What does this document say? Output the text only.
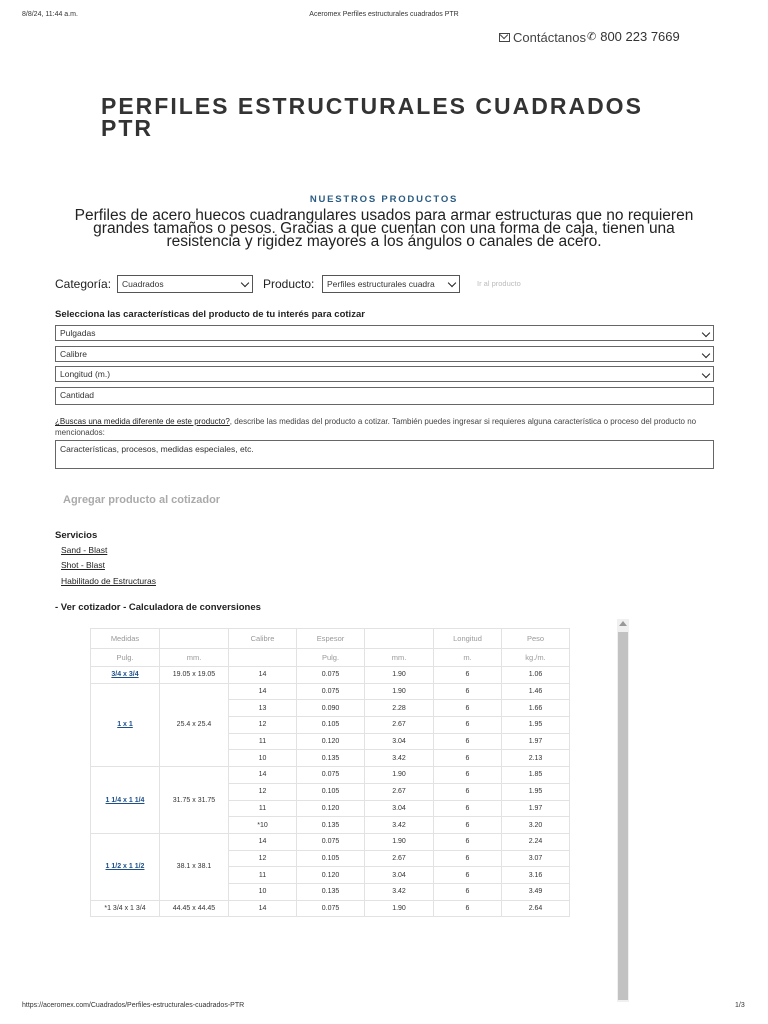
8/8/24, 11:44 a.m.	Aceromex Perfiles estructurales cuadrados PTR
Contáctanos ✆ 800 223 7669
PERFILES ESTRUCTURALES CUADRADOS PTR
NUESTROS PRODUCTOS
Perfiles de acero huecos cuadrangulares usados para armar estructuras que no requieren grandes tamaños o pesos. Gracias a que cuentan con una forma de caja, tienen una resistencia y rigidez mayores a los ángulos o canales de acero.
Categoría:	Cuadrados	Producto:	Perfiles estructurales cuadra	Ir al producto
Selecciona las características del producto de tu interés para cotizar
Pulgadas
Calibre
Longitud (m.)
Cantidad
¿Buscas una medida diferente de este producto?, describe las medidas del producto a cotizar. También puedes ingresar si requieres alguna característica o proceso del producto no mencionados:
Características, procesos, medidas especiales, etc.
Agregar producto al cotizador
Servicios
Sand - Blast
Shot - Blast
Habilitado de Estructuras
- Ver cotizador - Calculadora de conversiones
Medidas		Calibre	Espesor		Longitud	Peso
Pulg.	mm.		Pulg.	mm.	m.	kg./m.
3/4 x 3/4	19.05 x 19.05	14	0.075	1.90	6	1.06
1 x 1	25.4 x 25.4	14	0.075	1.90	6	1.46
		13	0.090	2.28	6	1.66
		12	0.105	2.67	6	1.95
		11	0.120	3.04	6	1.97
		10	0.135	3.42	6	2.13
1 1/4 x 1 1/4	31.75 x 31.75	14	0.075	1.90	6	1.85
		12	0.105	2.67	6	1.95
		11	0.120	3.04	6	1.97
		*10	0.135	3.42	6	3.20
1 1/2 x 1 1/2	38.1 x 38.1	14	0.075	1.90	6	2.24
		12	0.105	2.67	6	3.07
		11	0.120	3.04	6	3.16
		10	0.135	3.42	6	3.49
*1 3/4 x 1 3/4	44.45 x 44.45	14	0.075	1.90	6	2.64
https://aceromex.com/Cuadrados/Perfiles-estructurales-cuadrados-PTR	1/3
